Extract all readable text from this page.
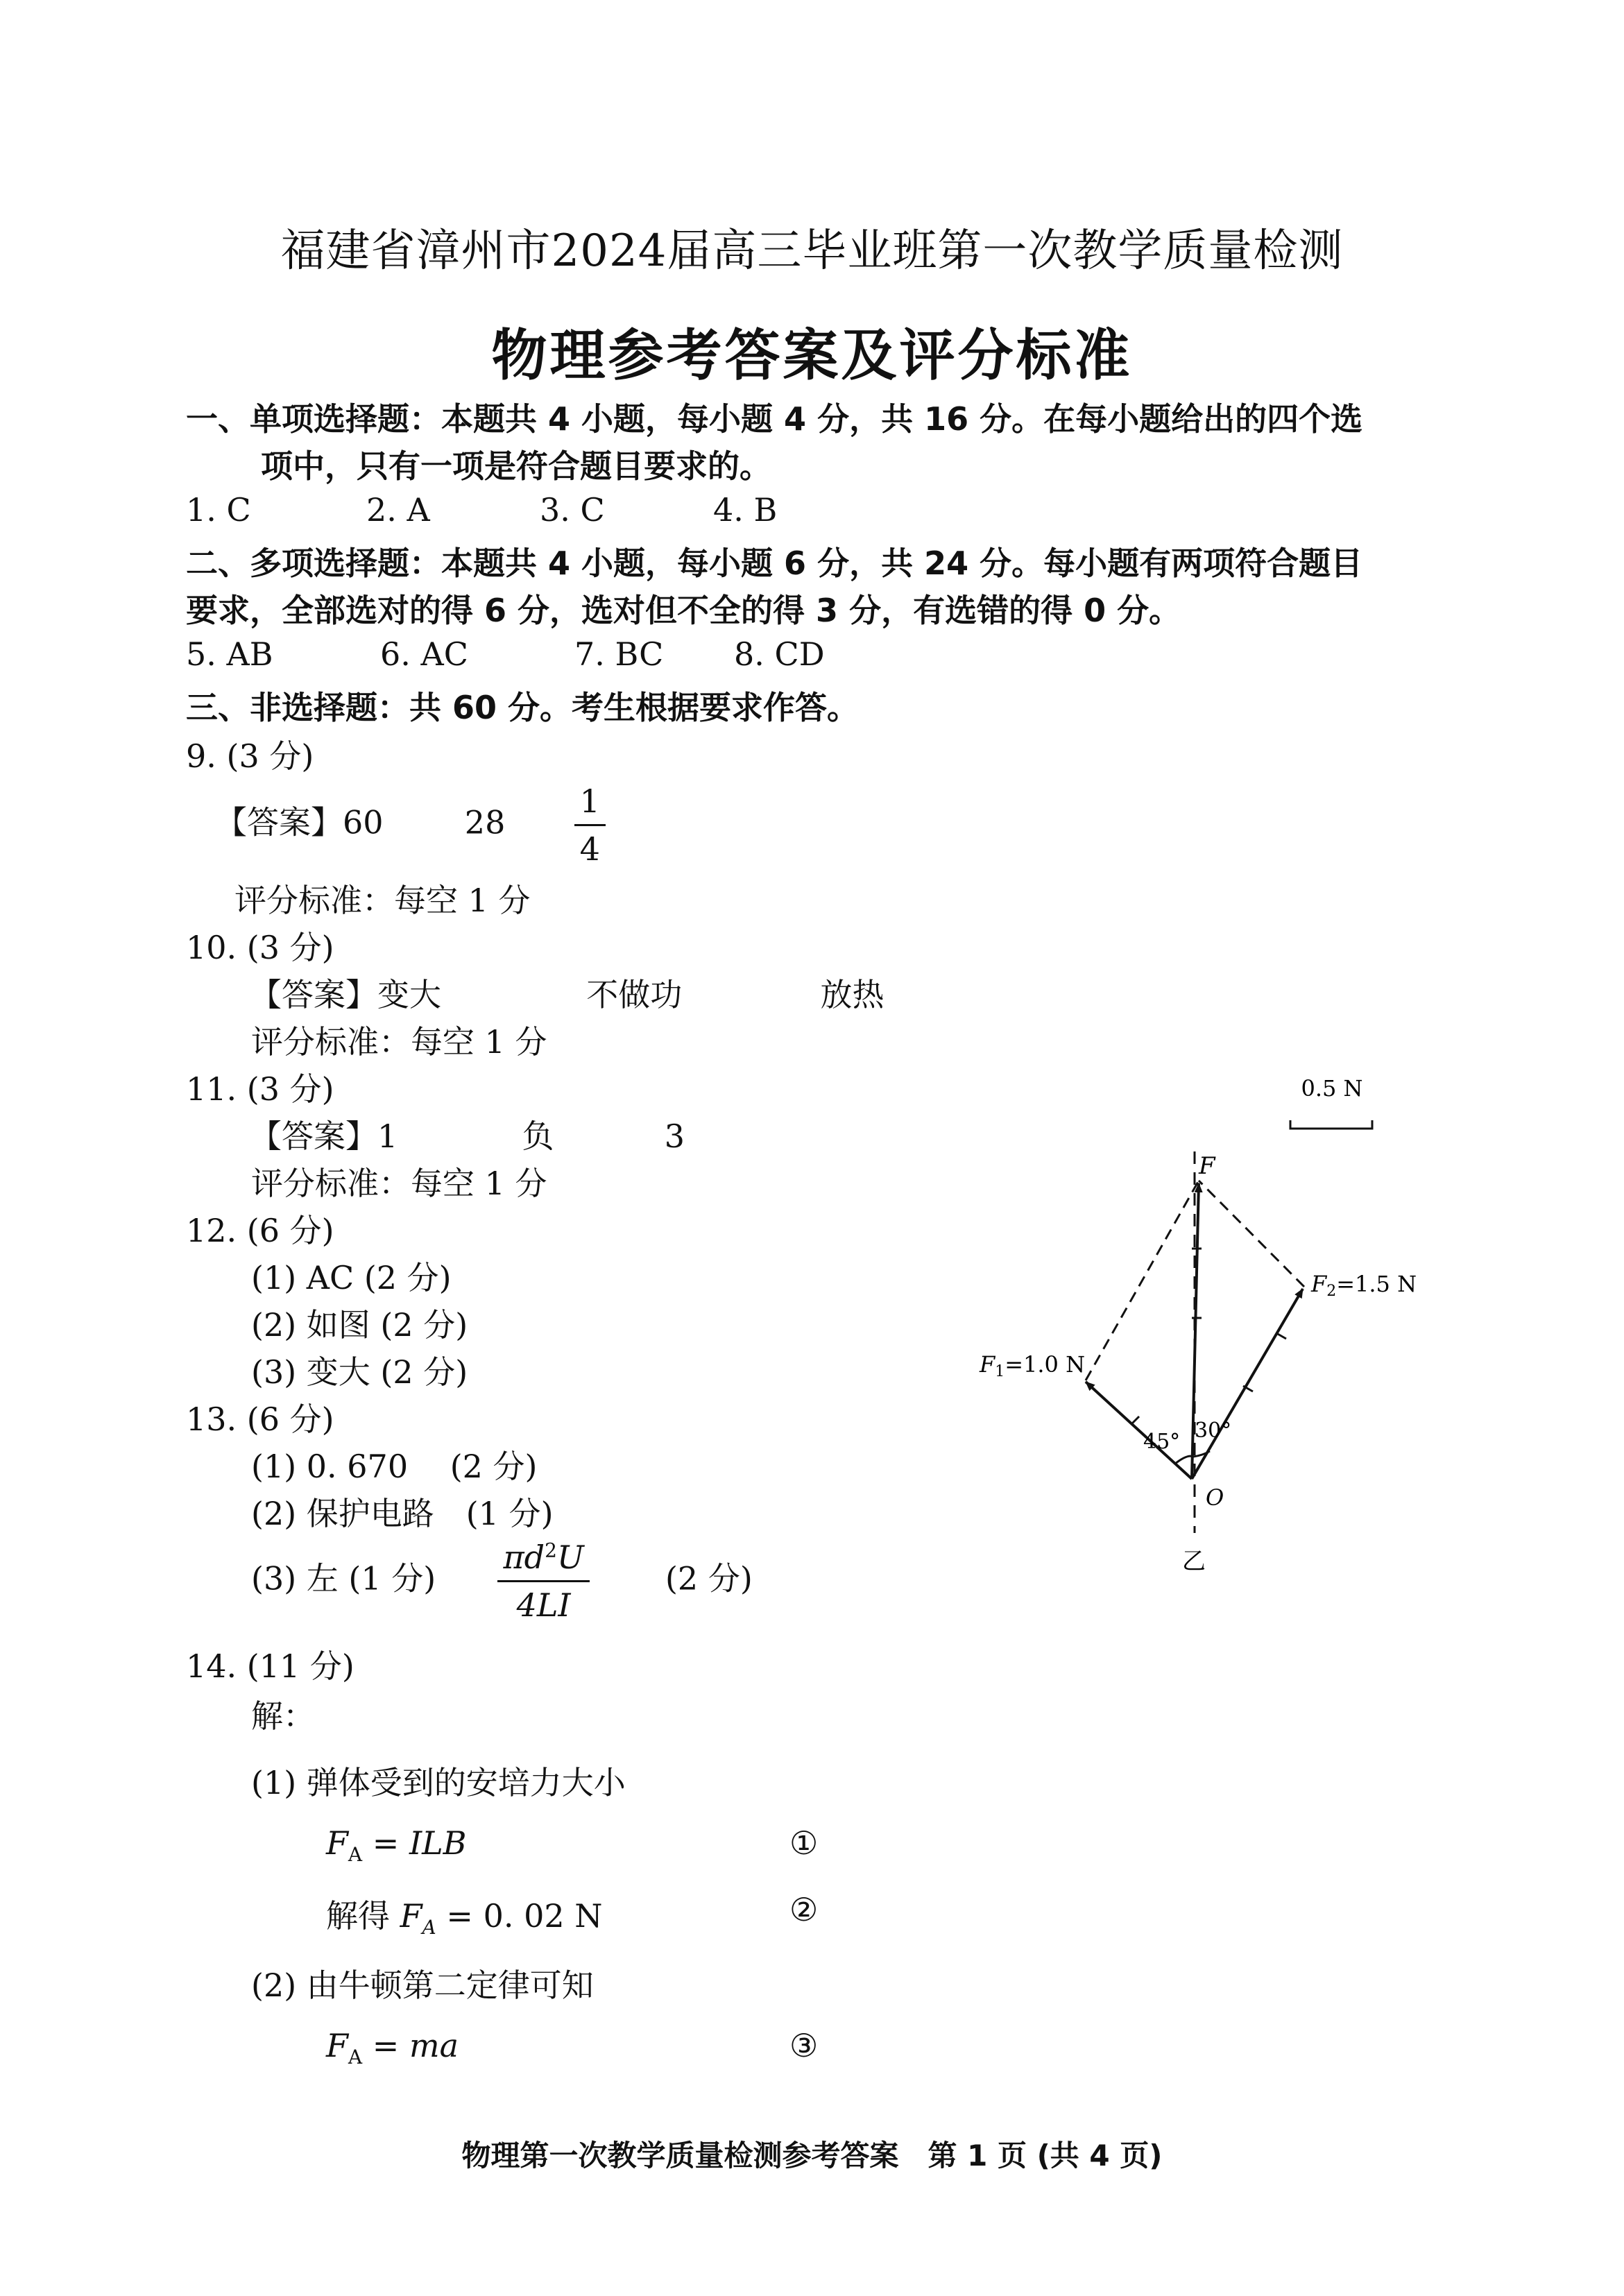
福建省漳州市2024届高三毕业班第一次教学质量检测
物理参考答案及评分标准
一、单项选择题：本题共 4 小题，每小题 4 分，共 16 分。在每小题给出的四个选
项中，只有一项是符合题目要求的。
1. C	2. A	3. C	4. B
二、多项选择题：本题共 4 小题，每小题 6 分，共 24 分。每小题有两项符合题目
要求，全部选对的得 6 分，选对但不全的得 3 分，有选错的得 0 分。
5. AB	6. AC	7. BC 8. CD
三、非选择题：共 60 分。考生根据要求作答。
9. (3 分)
【答案】60	$28 \frac{1}{4}$
评分标准：每空 1 分
10. (3 分)
【答案】变大	不做功	放热
评分标准：每空 1 分
11. (3 分)
【答案】1	负	3
评分标准：每空 1 分
12. (6 分)
(1) AC (2 分)
(2) 如图 (2 分)
(3) 变大 (2 分)
13. (6 分)
(1) 0. 670　 (2 分)
(2) 保护电路　(1 分)
(3) 左 (1 分) $\frac{\pi d^2U}{4LI} (2$ 分)
14. (11 分)
解：
(1) 弹体受到的安培力大小
$F_A$ = ILB	①
解得 $F_A = 0$. 02 N	②
(2) 由牛顿第二定律可知
$F_A$ = ma	③
0.5 N
F
F2=1.5 N
F1=1.0 N
45° 30°
O
乙
物理第一次教学质量检测参考答案　第 1 页 (共 4 页)
